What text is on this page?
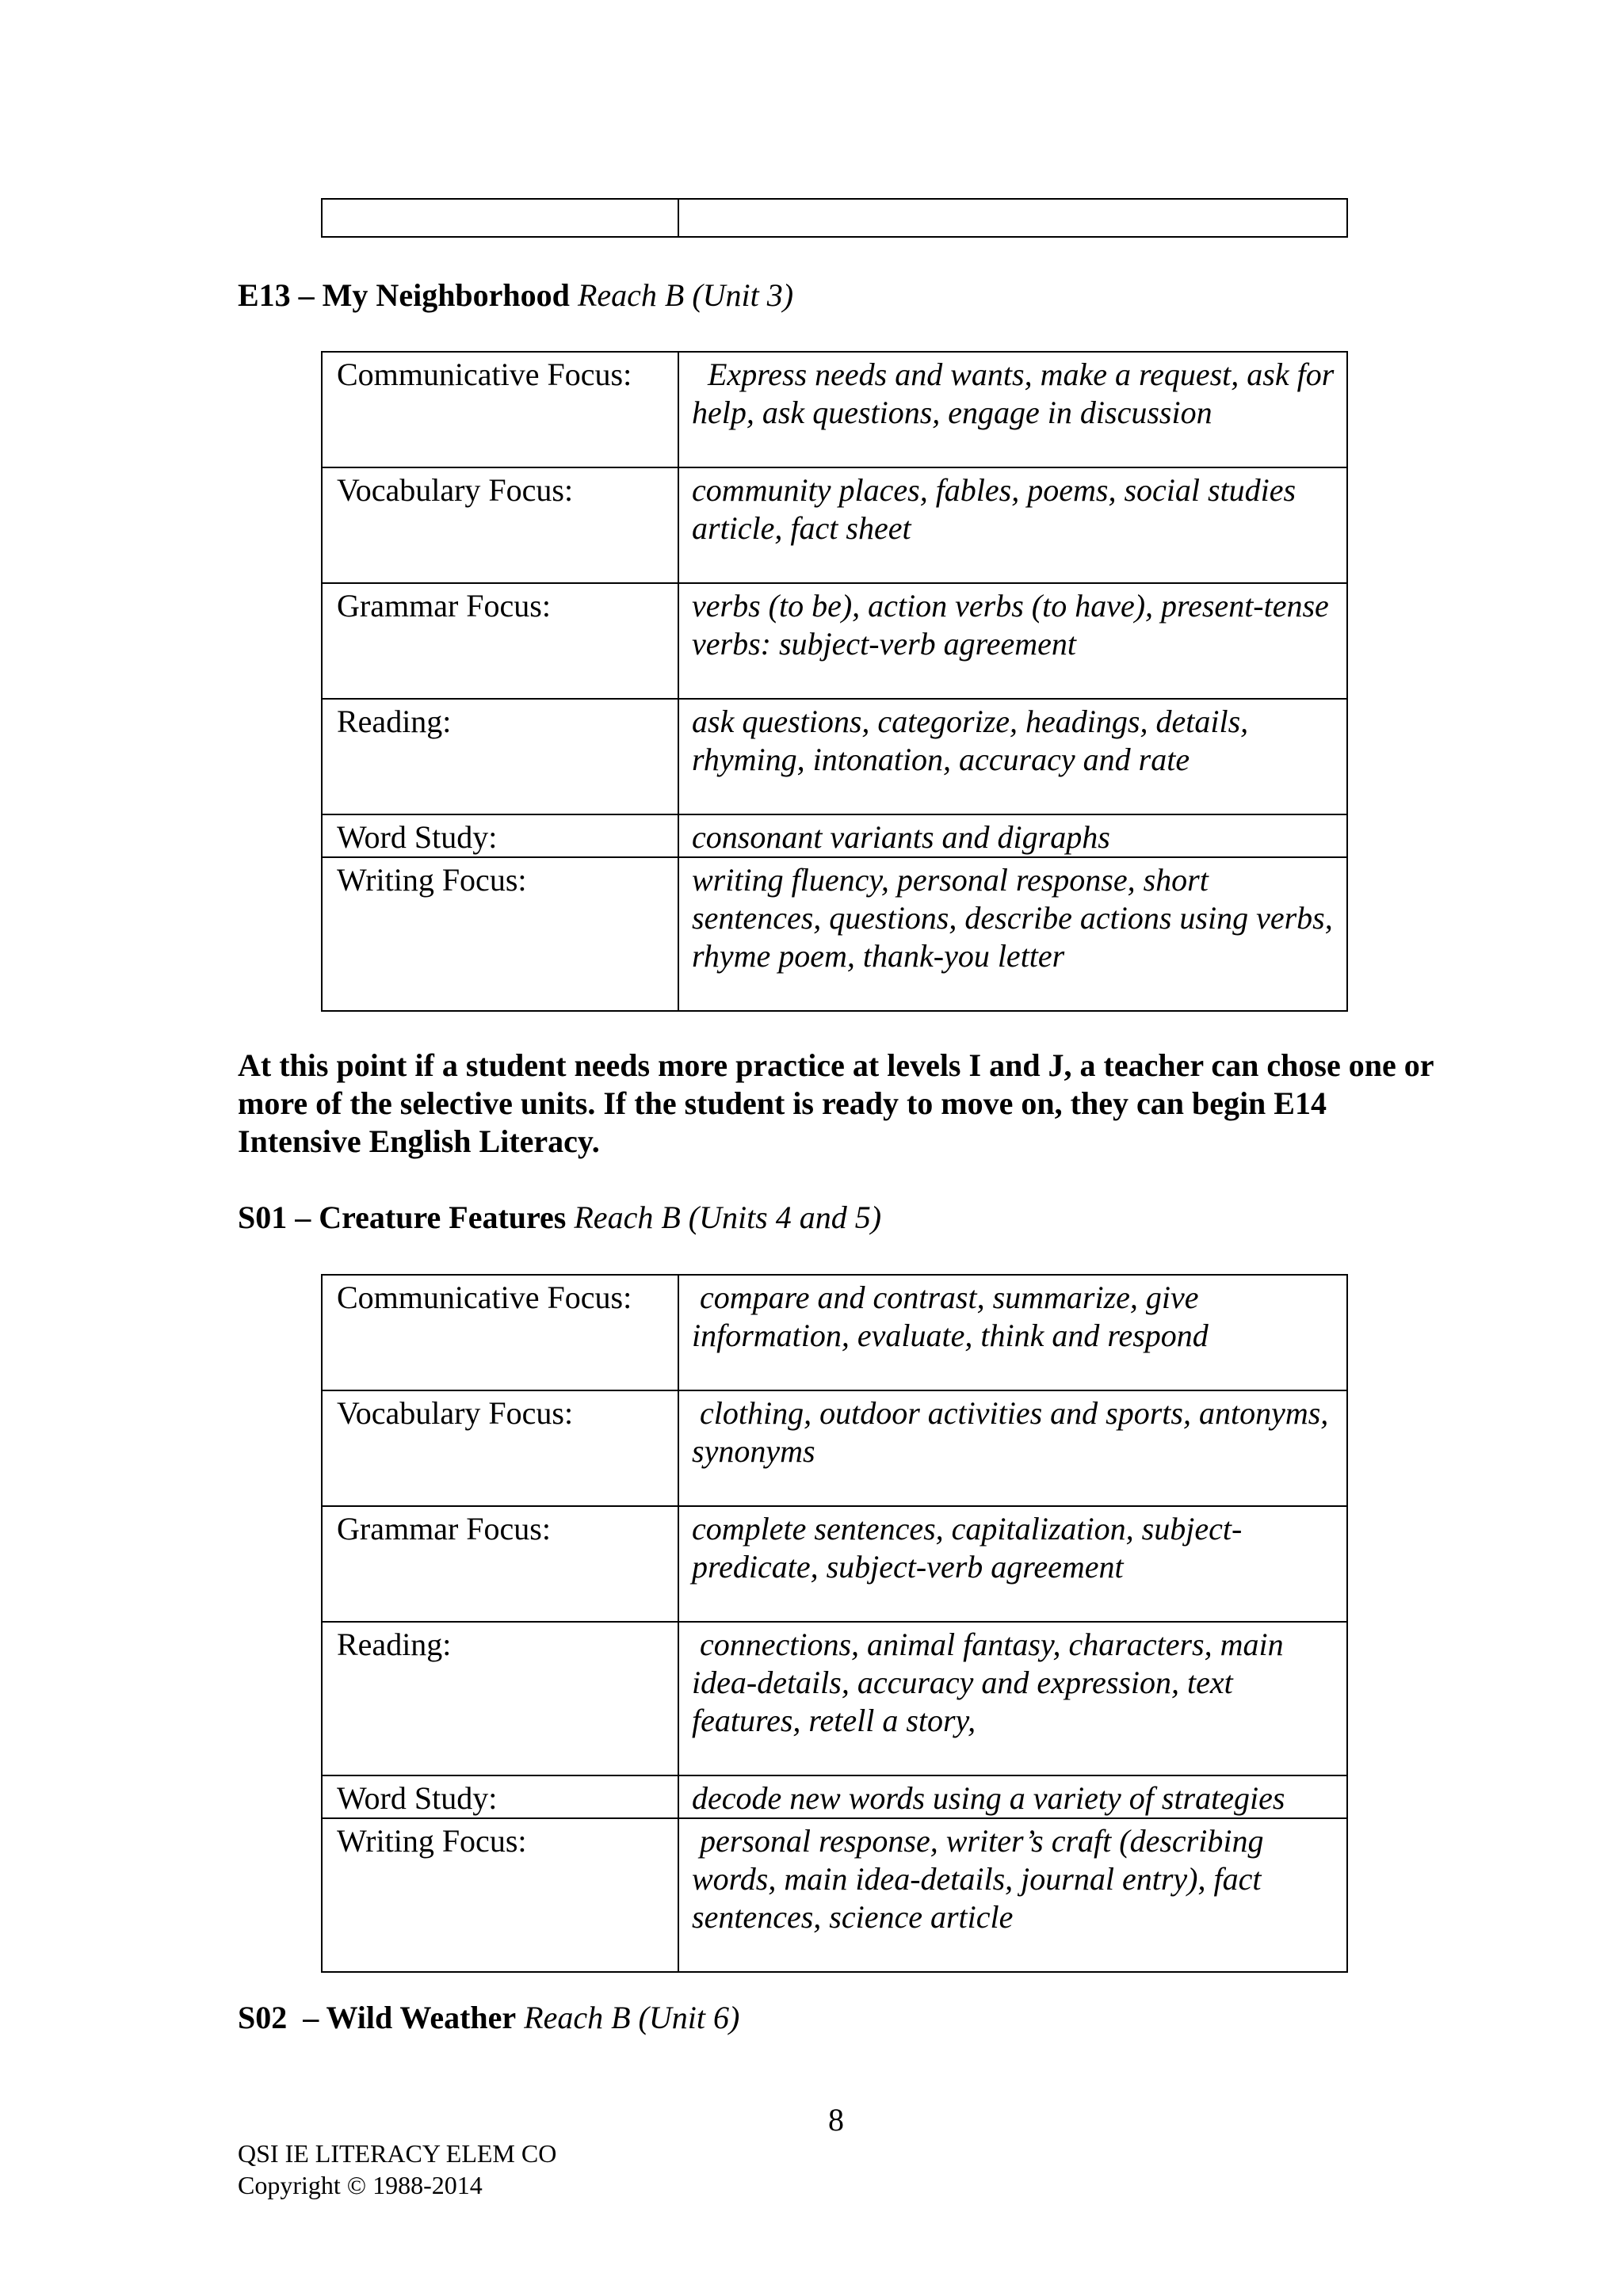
E13 – My Neighborhood Reach B (Unit 3)
Communicative Focus:	Express needs and wants, make a request, ask for help, ask questions, engage in discussion
Vocabulary Focus:	community places, fables, poems, social studies article, fact sheet
Grammar Focus:	verbs (to be), action verbs (to have), present-tense verbs: subject-verb agreement
Reading:	ask questions, categorize, headings, details, rhyming, intonation, accuracy and rate
Word Study:	consonant variants and digraphs
Writing Focus:	writing fluency, personal response, short sentences, questions, describe actions using verbs, rhyme poem, thank-you letter
At this point if a student needs more practice at levels I and J, a teacher can chose one or more of the selective units. If the student is ready to move on, they can begin E14 Intensive English Literacy.
S01 – Creature Features Reach B (Units 4 and 5)
Communicative Focus:	compare and contrast, summarize, give information, evaluate, think and respond
Vocabulary Focus:	clothing, outdoor activities and sports, antonyms, synonyms
Grammar Focus:	complete sentences, capitalization, subject-predicate, subject-verb agreement
Reading:	connections, animal fantasy, characters, main idea-details, accuracy and expression, text features, retell a story,
Word Study:	decode new words using a variety of strategies
Writing Focus:	personal response, writer’s craft (describing words, main idea-details, journal entry), fact sentences, science article
S02  – Wild Weather Reach B (Unit 6)
8
QSI IE LITERACY ELEM CO
Copyright © 1988-2014
